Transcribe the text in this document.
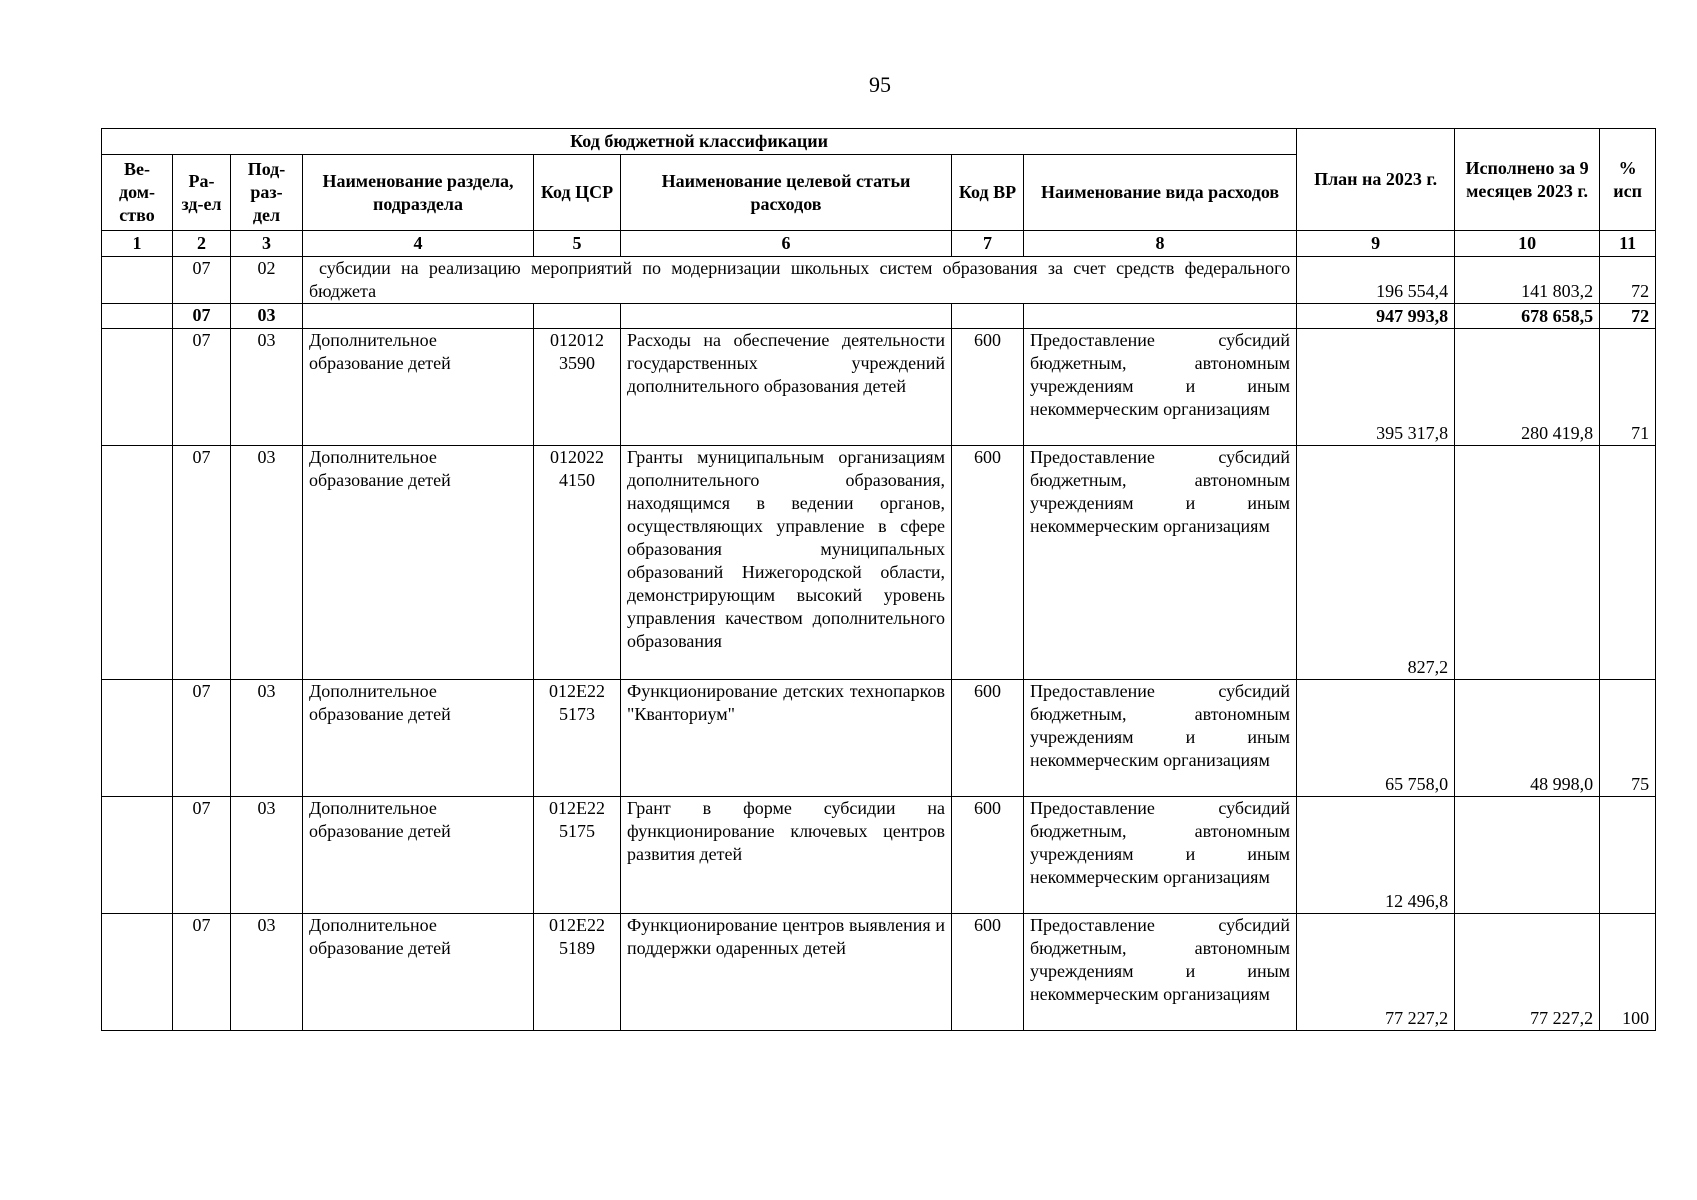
95
Код бюджетной классификации								План на 2023 г.	Исполнено за 9 месяцев 2023 г.	% исп
Ве-дом-ство	Ра-зд-ел	Под-раз-дел	Наименование раздела, подраздела	Код ЦСР	Наименование целевой статьи расходов	Код ВР	Наименование вида расходов			
1	2	3	4	5	6	7	8	9	10	11
	07	02	субсидии на реализацию мероприятий по модернизации школьных систем образования за счет средств федерального бюджета					196 554,4	141 803,2	72
	07	03						947 993,8	678 658,5	72
	07	03	Дополнительное образование детей	012012 3590	Расходы на обеспечение деятельности государственных учреждений дополнительного образования детей	600	Предоставление субсидий бюджетным, автономным учреждениям и иным некоммерческим организациям	395 317,8	280 419,8	71
	07	03	Дополнительное образование детей	012022 4150	Гранты муниципальным организациям дополнительного образования, находящимся в ведении органов, осуществляющих управление в сфере образования муниципальных образований Нижегородской области, демонстрирующим высокий уровень управления качеством дополнительного образования	600	Предоставление субсидий бюджетным, автономным учреждениям и иным некоммерческим организациям	827,2		
	07	03	Дополнительное образование детей	012E22 5173	Функционирование детских технопарков "Кванториум"	600	Предоставление субсидий бюджетным, автономным учреждениям и иным некоммерческим организациям	65 758,0	48 998,0	75
	07	03	Дополнительное образование детей	012E22 5175	Грант в форме субсидии на функционирование ключевых центров развития детей	600	Предоставление субсидий бюджетным, автономным учреждениям и иным некоммерческим организациям	12 496,8		
	07	03	Дополнительное образование детей	012E22 5189	Функционирование центров выявления и поддержки одаренных детей	600	Предоставление субсидий бюджетным, автономным учреждениям и иным некоммерческим организациям	77 227,2	77 227,2	100
